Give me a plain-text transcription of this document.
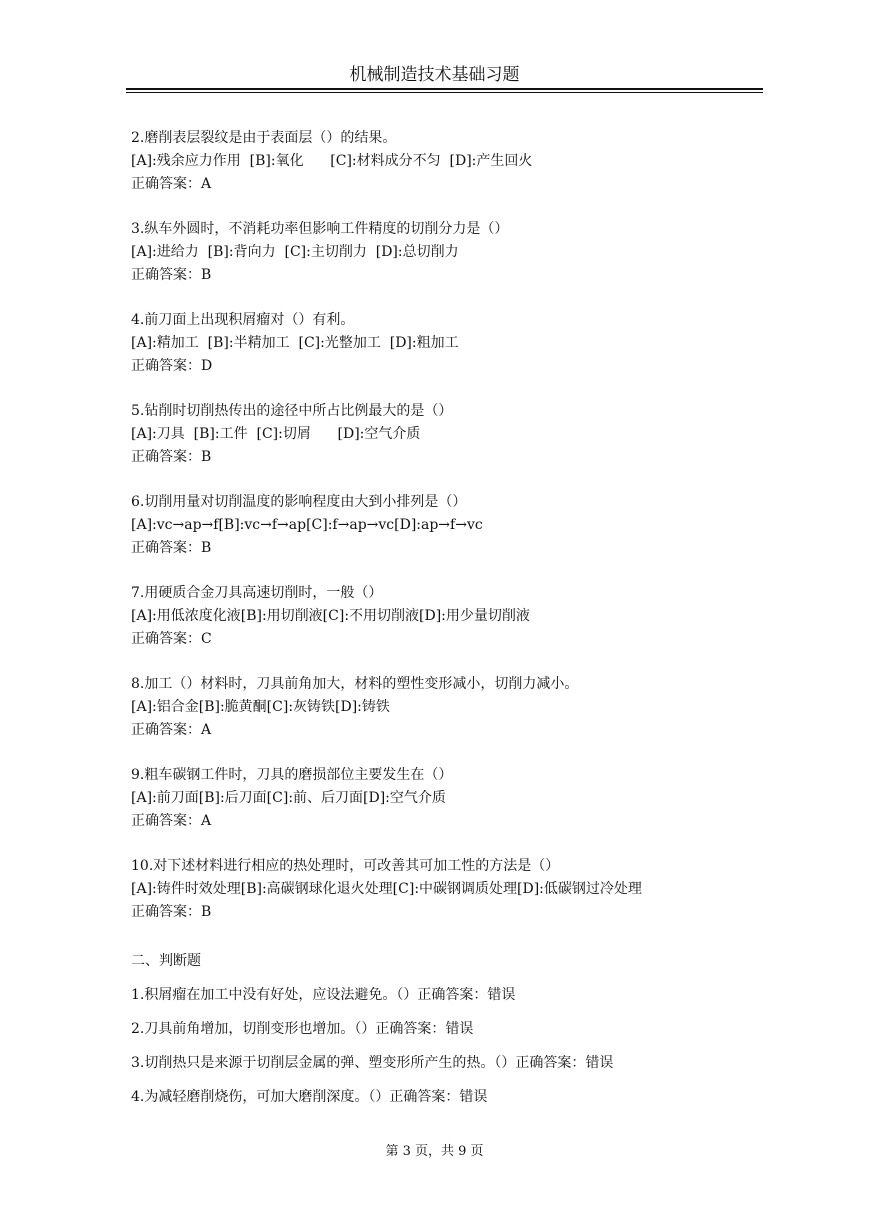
机械制造技术基础习题

2.磨削表层裂纹是由于表面层（）的结果。

[A]:残余应力作用  [B]:氧化      [C]:材料成分不匀  [D]:产生回火

正确答案：A

3.纵车外圆时，不消耗功率但影响工件精度的切削分力是（）

[A]:进给力  [B]:背向力  [C]:主切削力  [D]:总切削力

正确答案：B

4.前刀面上出现积屑瘤对（）有利。

[A]:精加工  [B]:半精加工  [C]:光整加工  [D]:粗加工

正确答案：D

5.钻削时切削热传出的途径中所占比例最大的是（）

[A]:刀具  [B]:工件  [C]:切屑      [D]:空气介质

正确答案：B

6.切削用量对切削温度的影响程度由大到小排列是（）

[A]:vc→ap→f[B]:vc→f→ap[C]:f→ap→vc[D]:ap→f→vc

正确答案：B

7.用硬质合金刀具高速切削时，一般（）

[A]:用低浓度化液[B]:用切削液[C]:不用切削液[D]:用少量切削液

正确答案：C

8.加工（）材料时，刀具前角加大，材料的塑性变形减小，切削力减小。

[A]:铝合金[B]:脆黄酮[C]:灰铸铁[D]:铸铁

正确答案：A

9.粗车碳钢工件时，刀具的磨损部位主要发生在（）

[A]:前刀面[B]:后刀面[C]:前、后刀面[D]:空气介质

正确答案：A

10.对下述材料进行相应的热处理时，可改善其可加工性的方法是（）

[A]:铸件时效处理[B]:高碳钢球化退火处理[C]:中碳钢调质处理[D]:低碳钢过冷处理

正确答案：B

二、判断题

1.积屑瘤在加工中没有好处，应设法避免。（）正确答案：错误

2.刀具前角增加，切削变形也增加。（）正确答案：错误

3.切削热只是来源于切削层金属的弹、塑变形所产生的热。（）正确答案：错误

4.为减轻磨削烧伤，可加大磨削深度。（）正确答案：错误

第 3 页，共 9 页
